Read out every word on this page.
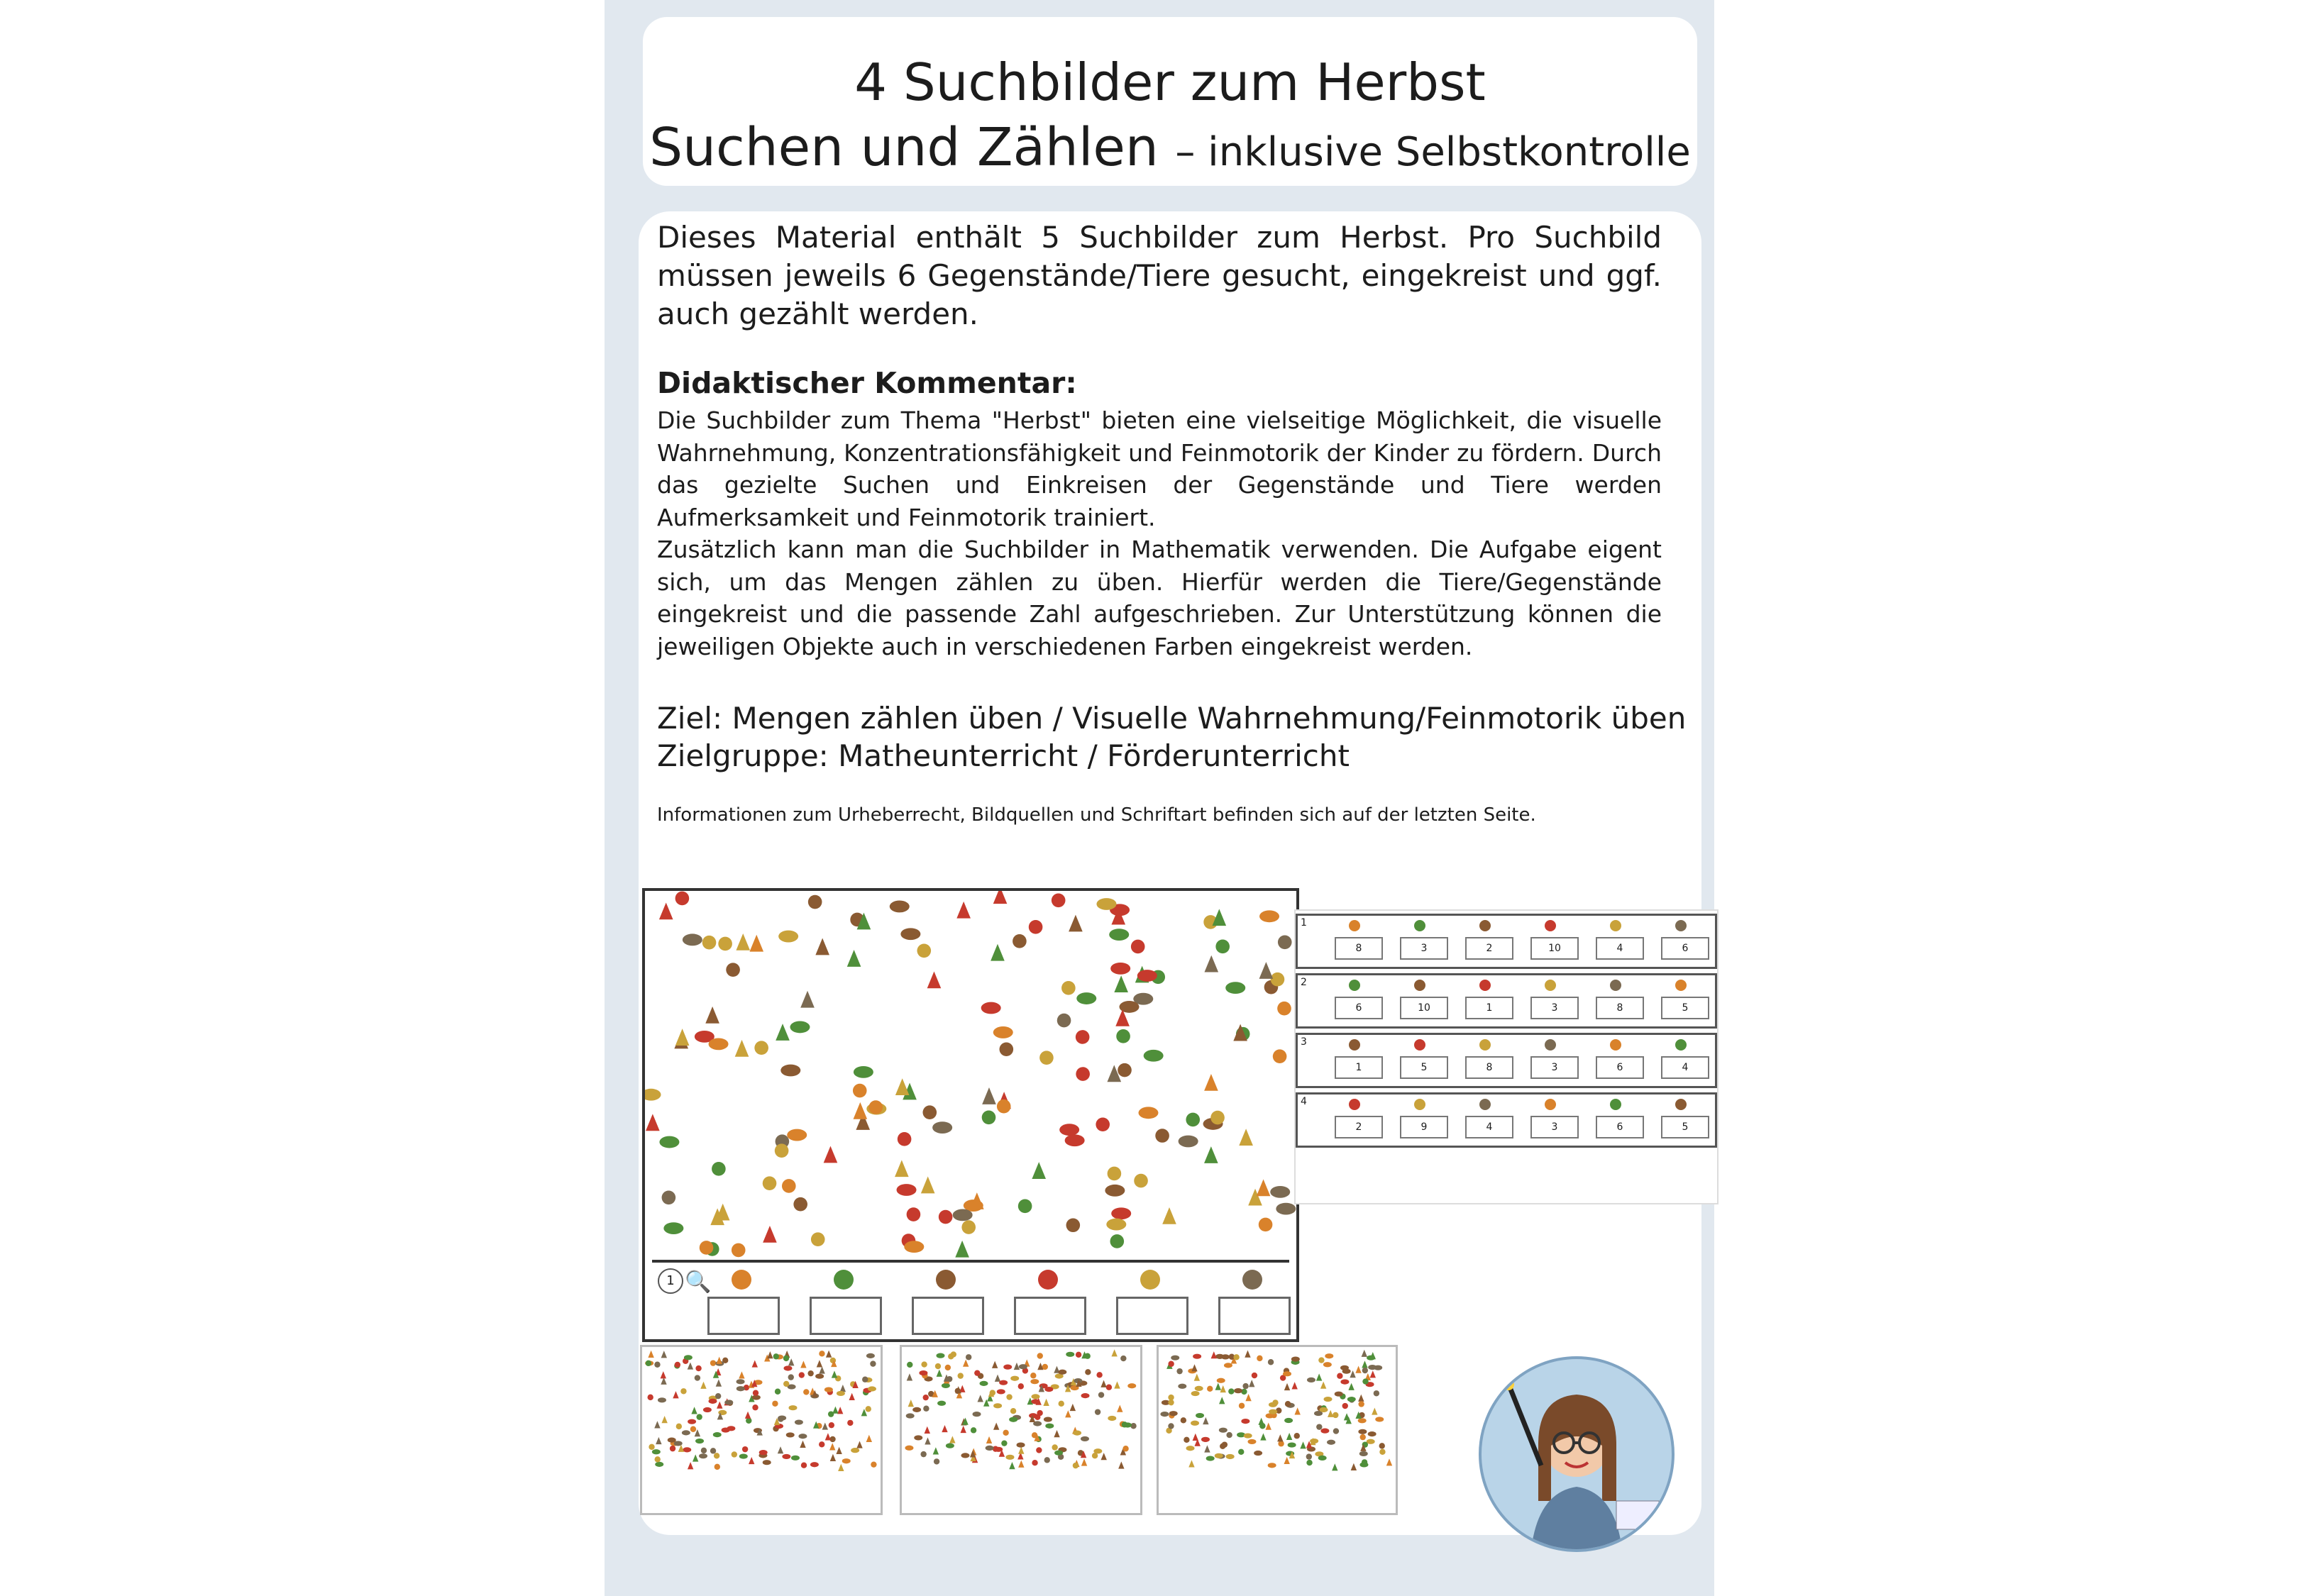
4 Suchbilder zum Herbst
Suchen und Zählen – inklusive Selbstkontrolle
Dieses Material enthält 5 Suchbilder zum Herbst. Pro Suchbild müssen jeweils 6 Gegenstände/Tiere gesucht, eingekreist und ggf. auch gezählt werden.
Didaktischer Kommentar:
Die Suchbilder zum Thema "Herbst" bieten eine vielseitige Möglichkeit, die visuelle Wahrnehmung, Konzentrationsfähigkeit und Feinmotorik der Kinder zu fördern. Durch das gezielte Suchen und Einkreisen der Gegenstände und Tiere werden Aufmerksamkeit und Feinmotorik trainiert.
Zusätzlich kann man die Suchbilder in Mathematik verwenden. Die Aufgabe eigent sich, um das Mengen zählen zu üben. Hierfür werden die Tiere/Gegenstände eingekreist und die passende Zahl aufgeschrieben. Zur Unterstützung können die jeweiligen Objekte auch in verschiedenen Farben eingekreist werden.
Ziel: Mengen zählen üben / Visuelle Wahrnehmung/Feinmotorik üben
Zielgruppe: Matheunterricht / Förderunterricht
Informationen zum Urheberrecht, Bildquellen und Schriftart befinden sich auf der letzten Seite.
1 🔍
1
8	3	2	10	4	6
2
6	10	1	3	8	5
3
1	5	8	3	6	4
4
2	9	4	3	6	5
